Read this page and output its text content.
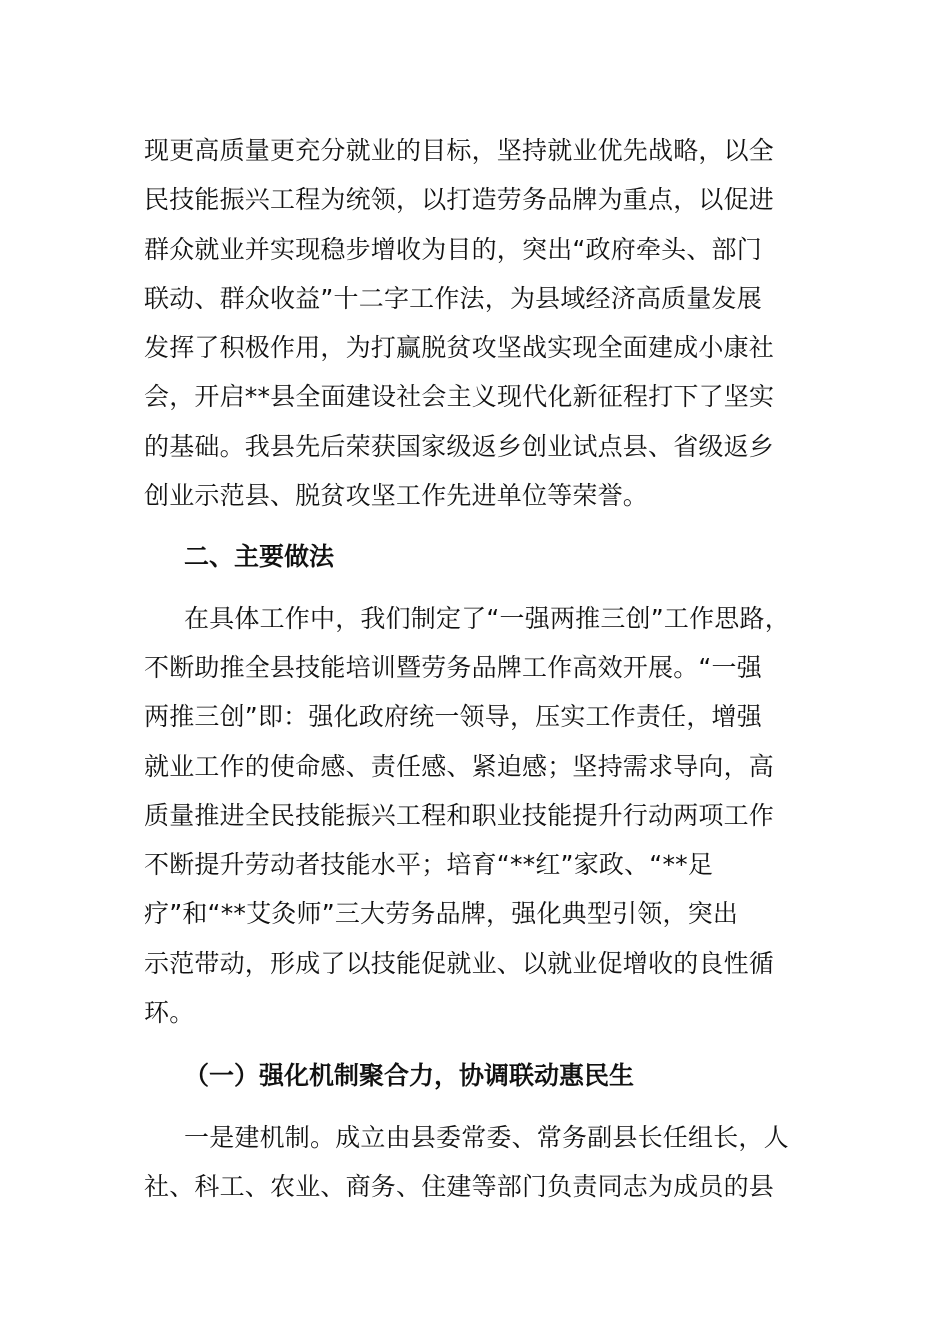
现更高质量更充分就业的目标，坚持就业优先战略，以全
民技能振兴工程为统领，以打造劳务品牌为重点，以促进
群众就业并实现稳步增收为目的，突出“政府牵头、部门
联动、群众收益”十二字工作法，为县域经济高质量发展
发挥了积极作用，为打赢脱贫攻坚战实现全面建成小康社
会，开启**县全面建设社会主义现代化新征程打下了坚实
的基础。我县先后荣获国家级返乡创业试点县、省级返乡
创业示范县、脱贫攻坚工作先进单位等荣誉。

二、主要做法

在具体工作中，我们制定了“一强两推三创”工作思路，
不断助推全县技能培训暨劳务品牌工作高效开展。“一强
两推三创”即：强化政府统一领导，压实工作责任，增强
就业工作的使命感、责任感、紧迫感；坚持需求导向，高
质量推进全民技能振兴工程和职业技能提升行动两项工作
不断提升劳动者技能水平；培育“**红”家政、“**足
疗”和“**艾灸师”三大劳务品牌，强化典型引领，突出
示范带动，形成了以技能促就业、以就业促增收的良性循
环。

（一）强化机制聚合力，协调联动惠民生

一是建机制。成立由县委常委、常务副县长任组长，人
社、科工、农业、商务、住建等部门负责同志为成员的县
